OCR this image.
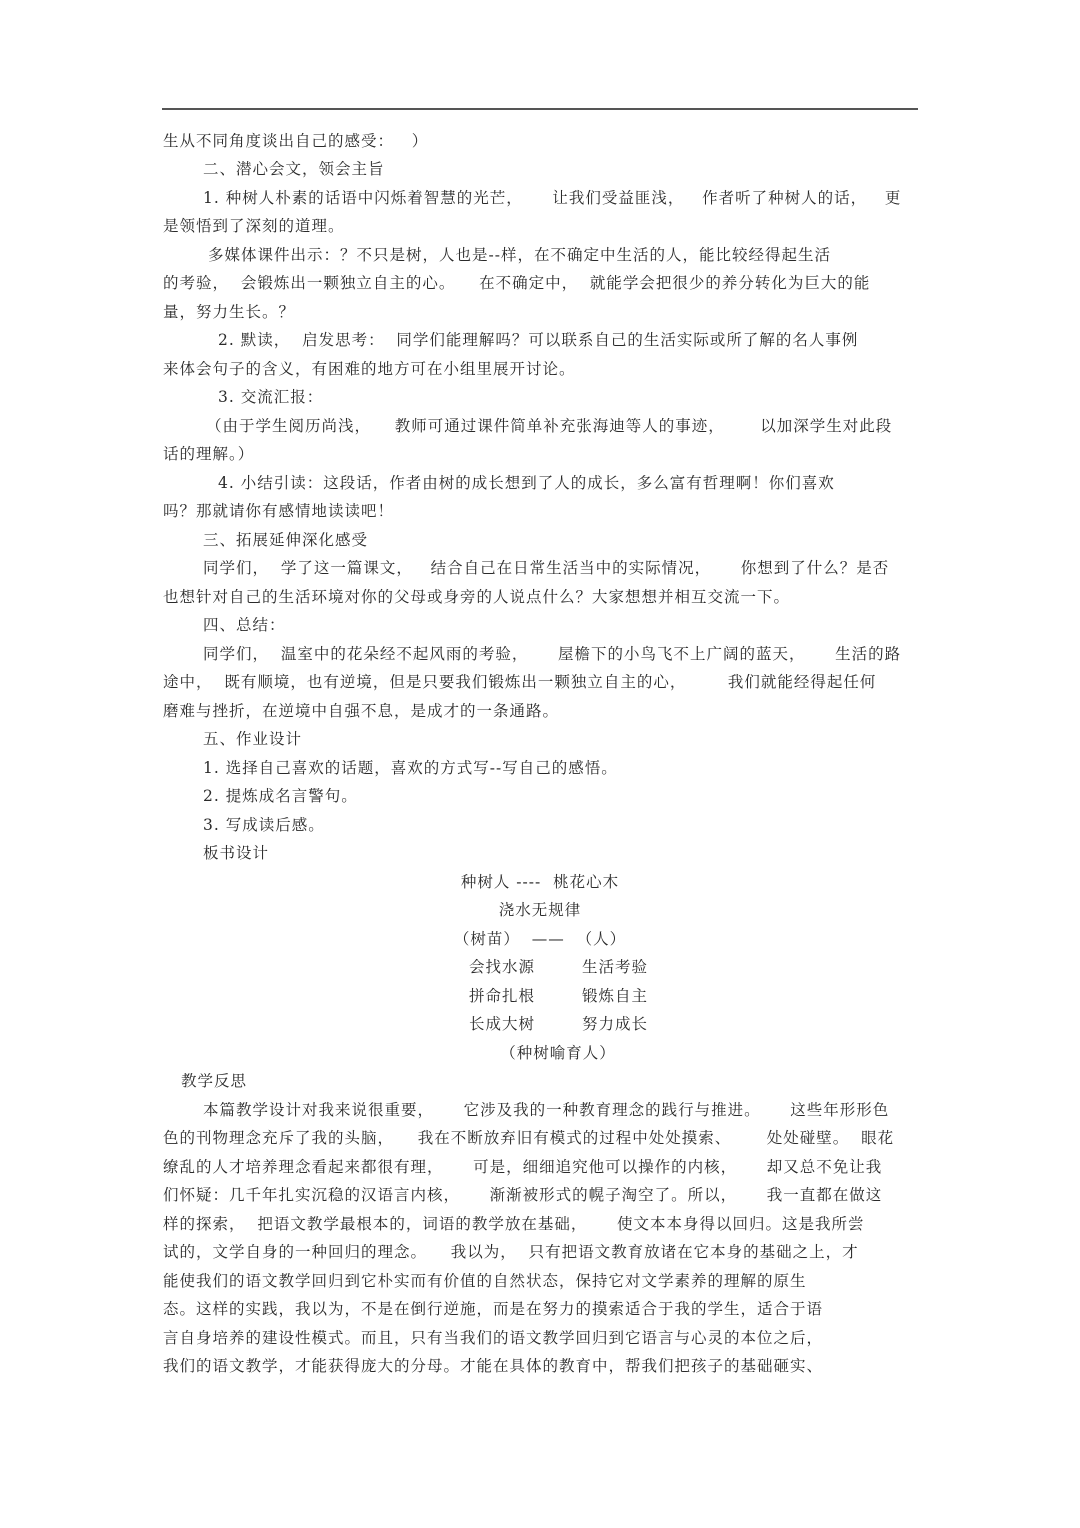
生从不同角度谈出自己的感受：   ）
二、潜心会文，领会主旨
1. 种树人朴素的话语中闪烁着智慧的光芒，     让我们受益匪浅，   作者听了种树人的话，   更
是领悟到了深刻的道理。
多媒体课件出示：？不只是树，人也是--样，在不确定中生活的人，能比较经得起生活
的考验，  会锻炼出一颗独立自主的心。    在不确定中，  就能学会把很少的养分转化为巨大的能
量，努力生长。？
2. 默读，  启发思考：  同学们能理解吗？可以联系自己的生活实际或所了解的名人事例
来体会句子的含义，有困难的地方可在小组里展开讨论。
3. 交流汇报：
（由于学生阅历尚浅，    教师可通过课件简单补充张海迪等人的事迹，      以加深学生对此段
话的理解。）
4. 小结引读：这段话，作者由树的成长想到了人的成长，多么富有哲理啊！你们喜欢
吗？那就请你有感情地读读吧！
三、拓展延伸深化感受
同学们，  学了这一篇课文，   结合自己在日常生活当中的实际情况，     你想到了什么？是否
也想针对自己的生活环境对你的父母或身旁的人说点什么？大家想想并相互交流一下。
四、总结：
同学们，  温室中的花朵经不起风雨的考验，     屋檐下的小鸟飞不上广阔的蓝天，     生活的路
途中，  既有顺境，也有逆境，但是只要我们锻炼出一颗独立自主的心，       我们就能经得起任何
磨难与挫折，在逆境中自强不息，是成才的一条通路。
五、作业设计
1. 选择自己喜欢的话题，喜欢的方式写--写自己的感悟。
2. 提炼成名言警句。
3. 写成读后感。
板书设计
种树人 ----  桃花心木
浇水无规律
（树苗）  ——  （人）
会找水源	生活考验
拼命扎根	锻炼自主
长成大树	努力成长
（种树喻育人）
教学反思
本篇教学设计对我来说很重要，     它涉及我的一种教育理念的践行与推进。     这些年形形色
色的刊物理念充斥了我的头脑，    我在不断放弃旧有模式的过程中处处摸索、      处处碰壁。  眼花
缭乱的人才培养理念看起来都很有理，     可是，细细追究他可以操作的内核，     却又总不免让我
们怀疑：几千年扎实沉稳的汉语言内核，     渐渐被形式的幌子淘空了。所以，     我一直都在做这
样的探索，  把语文教学最根本的，词语的教学放在基础，     使文本本身得以回归。这是我所尝
试的，文学自身的一种回归的理念。    我以为，  只有把语文教育放诸在它本身的基础之上，才
能使我们的语文教学回归到它朴实而有价值的自然状态，保持它对文学素养的理解的原生
态。这样的实践，我以为，不是在倒行逆施，而是在努力的摸索适合于我的学生，适合于语
言自身培养的建设性模式。而且，只有当我们的语文教学回归到它语言与心灵的本位之后，
我们的语文教学，才能获得庞大的分母。才能在具体的教育中，帮我们把孩子的基础砸实、
